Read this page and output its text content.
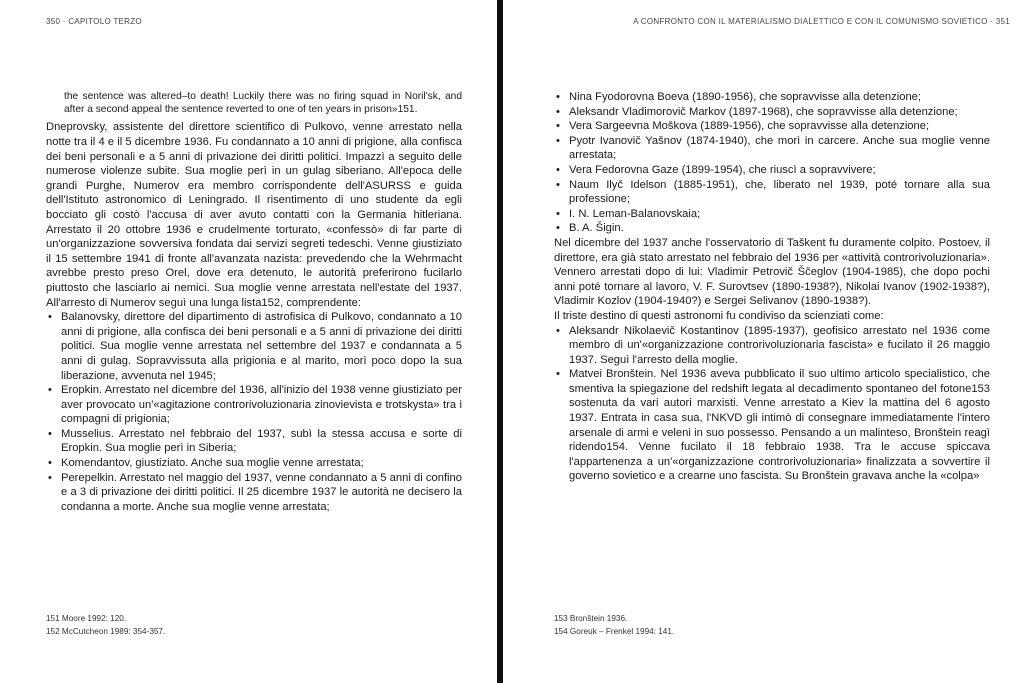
350 · CAPITOLO TERZO

the sentence was altered–to death! Luckily there was no firing squad in Noril'sk, and after a second appeal the sentence reverted to one of ten years in prison»151.

Dneprovsky, assistente del direttore scientifico di Pulkovo, venne arrestato nella notte tra il 4 e il 5 dicembre 1936. Fu condannato a 10 anni di prigione, alla confisca dei beni personali e a 5 anni di privazione dei diritti politici. Impazzì a seguito delle numerose violenze subite. Sua moglie perì in un gulag siberiano. All'epoca delle grandi Purghe, Numerov era membro corrispondente dell'ASURSS e guida dell'Istituto astronomico di Leningrado. Il risentimento di uno studente da egli bocciato gli costò l'accusa di aver avuto contatti con la Germania hitleriana. Arrestato il 20 ottobre 1936 e crudelmente torturato, «confessò» di far parte di un'organizzazione sovversiva fondata dai servizi segreti tedeschi. Venne giustiziato il 15 settembre 1941 di fronte all'avanzata nazista: prevedendo che la Wehrmacht avrebbe presto preso Orel, dove era detenuto, le autorità preferirono fucilarlo piuttosto che lasciarlo ai nemici. Sua moglie venne arrestata nell'estate del 1937. All'arresto di Numerov seguì una lunga lista152, comprendente:

• Balanovsky, direttore del dipartimento di astrofisica di Pulkovo, condannato a 10 anni di prigione, alla confisca dei beni personali e a 5 anni di privazione dei diritti politici. Sua moglie venne arrestata nel settembre del 1937 e condannata a 5 anni di gulag. Sopravvissuta alla prigionia e al marito, morì poco dopo la sua liberazione, avvenuta nel 1945;
• Eropkin. Arrestato nel dicembre del 1936, all'inizio del 1938 venne giustiziato per aver provocato un'«agitazione controrivoluzionaria zinovievista e trotskysta» tra i compagni di prigionia;
• Musselius. Arrestato nel febbraio del 1937, subì la stessa accusa e sorte di Eropkin. Sua moglie perì in Siberia;
• Komendantov, giustiziato. Anche sua moglie venne arrestata;
• Perepelkin. Arrestato nel maggio del 1937, venne condannato a 5 anni di confino e a 3 di privazione dei diritti politici. Il 25 dicembre 1937 le autorità ne decisero la condanna a morte. Anche sua moglie venne arrestata;
151 Moore 1992: 120.
152 McCutcheon 1989: 354-357.
A CONFRONTO CON IL MATERIALISMO DIALETTICO E CON IL COMUNISMO SOVIETICO · 351
• Nina Fyodorovna Boeva (1890-1956), che sopravvisse alla detenzione;
• Aleksandr Vladimorovič Markov (1897-1968), che sopravvisse alla detenzione;
• Vera Sargeevna Moškova (1889-1956), che sopravvisse alla detenzione;
• Pyotr Ivanovič Yašnov (1874-1940), che morì in carcere. Anche sua moglie venne arrestata;
• Vera Fedorovna Gaze (1899-1954), che riuscì a sopravvivere;
• Naum Ilyč Idelson (1885-1951), che, liberato nel 1939, poté tornare alla sua professione;
• I. N. Leman-Balanovskaia;
• B. A. Šigin.

Nel dicembre del 1937 anche l'osservatorio di Taškent fu duramente colpito. Postoev, il direttore, era già stato arrestato nel febbraio del 1936 per «attività controrivoluzionaria». Vennero arrestati dopo di lui: Vladimir Petrovič Ščeglov (1904-1985), che dopo pochi anni poté tornare al lavoro, V. F. Surovtsev (1890-1938?), Nikolai Ivanov (1902-1938?), Vladimir Kozlov (1904-1940?) e Sergei Selivanov (1890-1938?).

Il triste destino di questi astronomi fu condiviso da scienziati come:

• Aleksandr Nikolaevič Kostantinov (1895-1937), geofisico arrestato nel 1936 come membro di un'«organizzazione controrivoluzionaria fascista» e fucilato il 26 maggio 1937. Seguì l'arresto della moglie.
• Matvei Bronštein. Nel 1936 aveva pubblicato il suo ultimo articolo specialistico, che smentiva la spiegazione del redshift legata al decadimento spontaneo del fotone153 sostenuta da vari autori marxisti. Venne arrestato a Kiev la mattina del 6 agosto 1937. Entrata in casa sua, l'NKVD gli intimò di consegnare immediatamente l'intero arsenale di armi e veleni in suo possesso. Pensando a un malinteso, Bronštein reagì ridendo154. Venne fucilato il 18 febbraio 1938. Tra le accuse spiccava l'appartenenza a un'«organizzazione controrivoluzionaria» finalizzata a sovvertire il governo sovietico e a crearne uno fascista. Su Bronštein gravava anche la «colpa»
153 Bronštein 1936.
154 Goreuk – Frenkel 1994: 141.
